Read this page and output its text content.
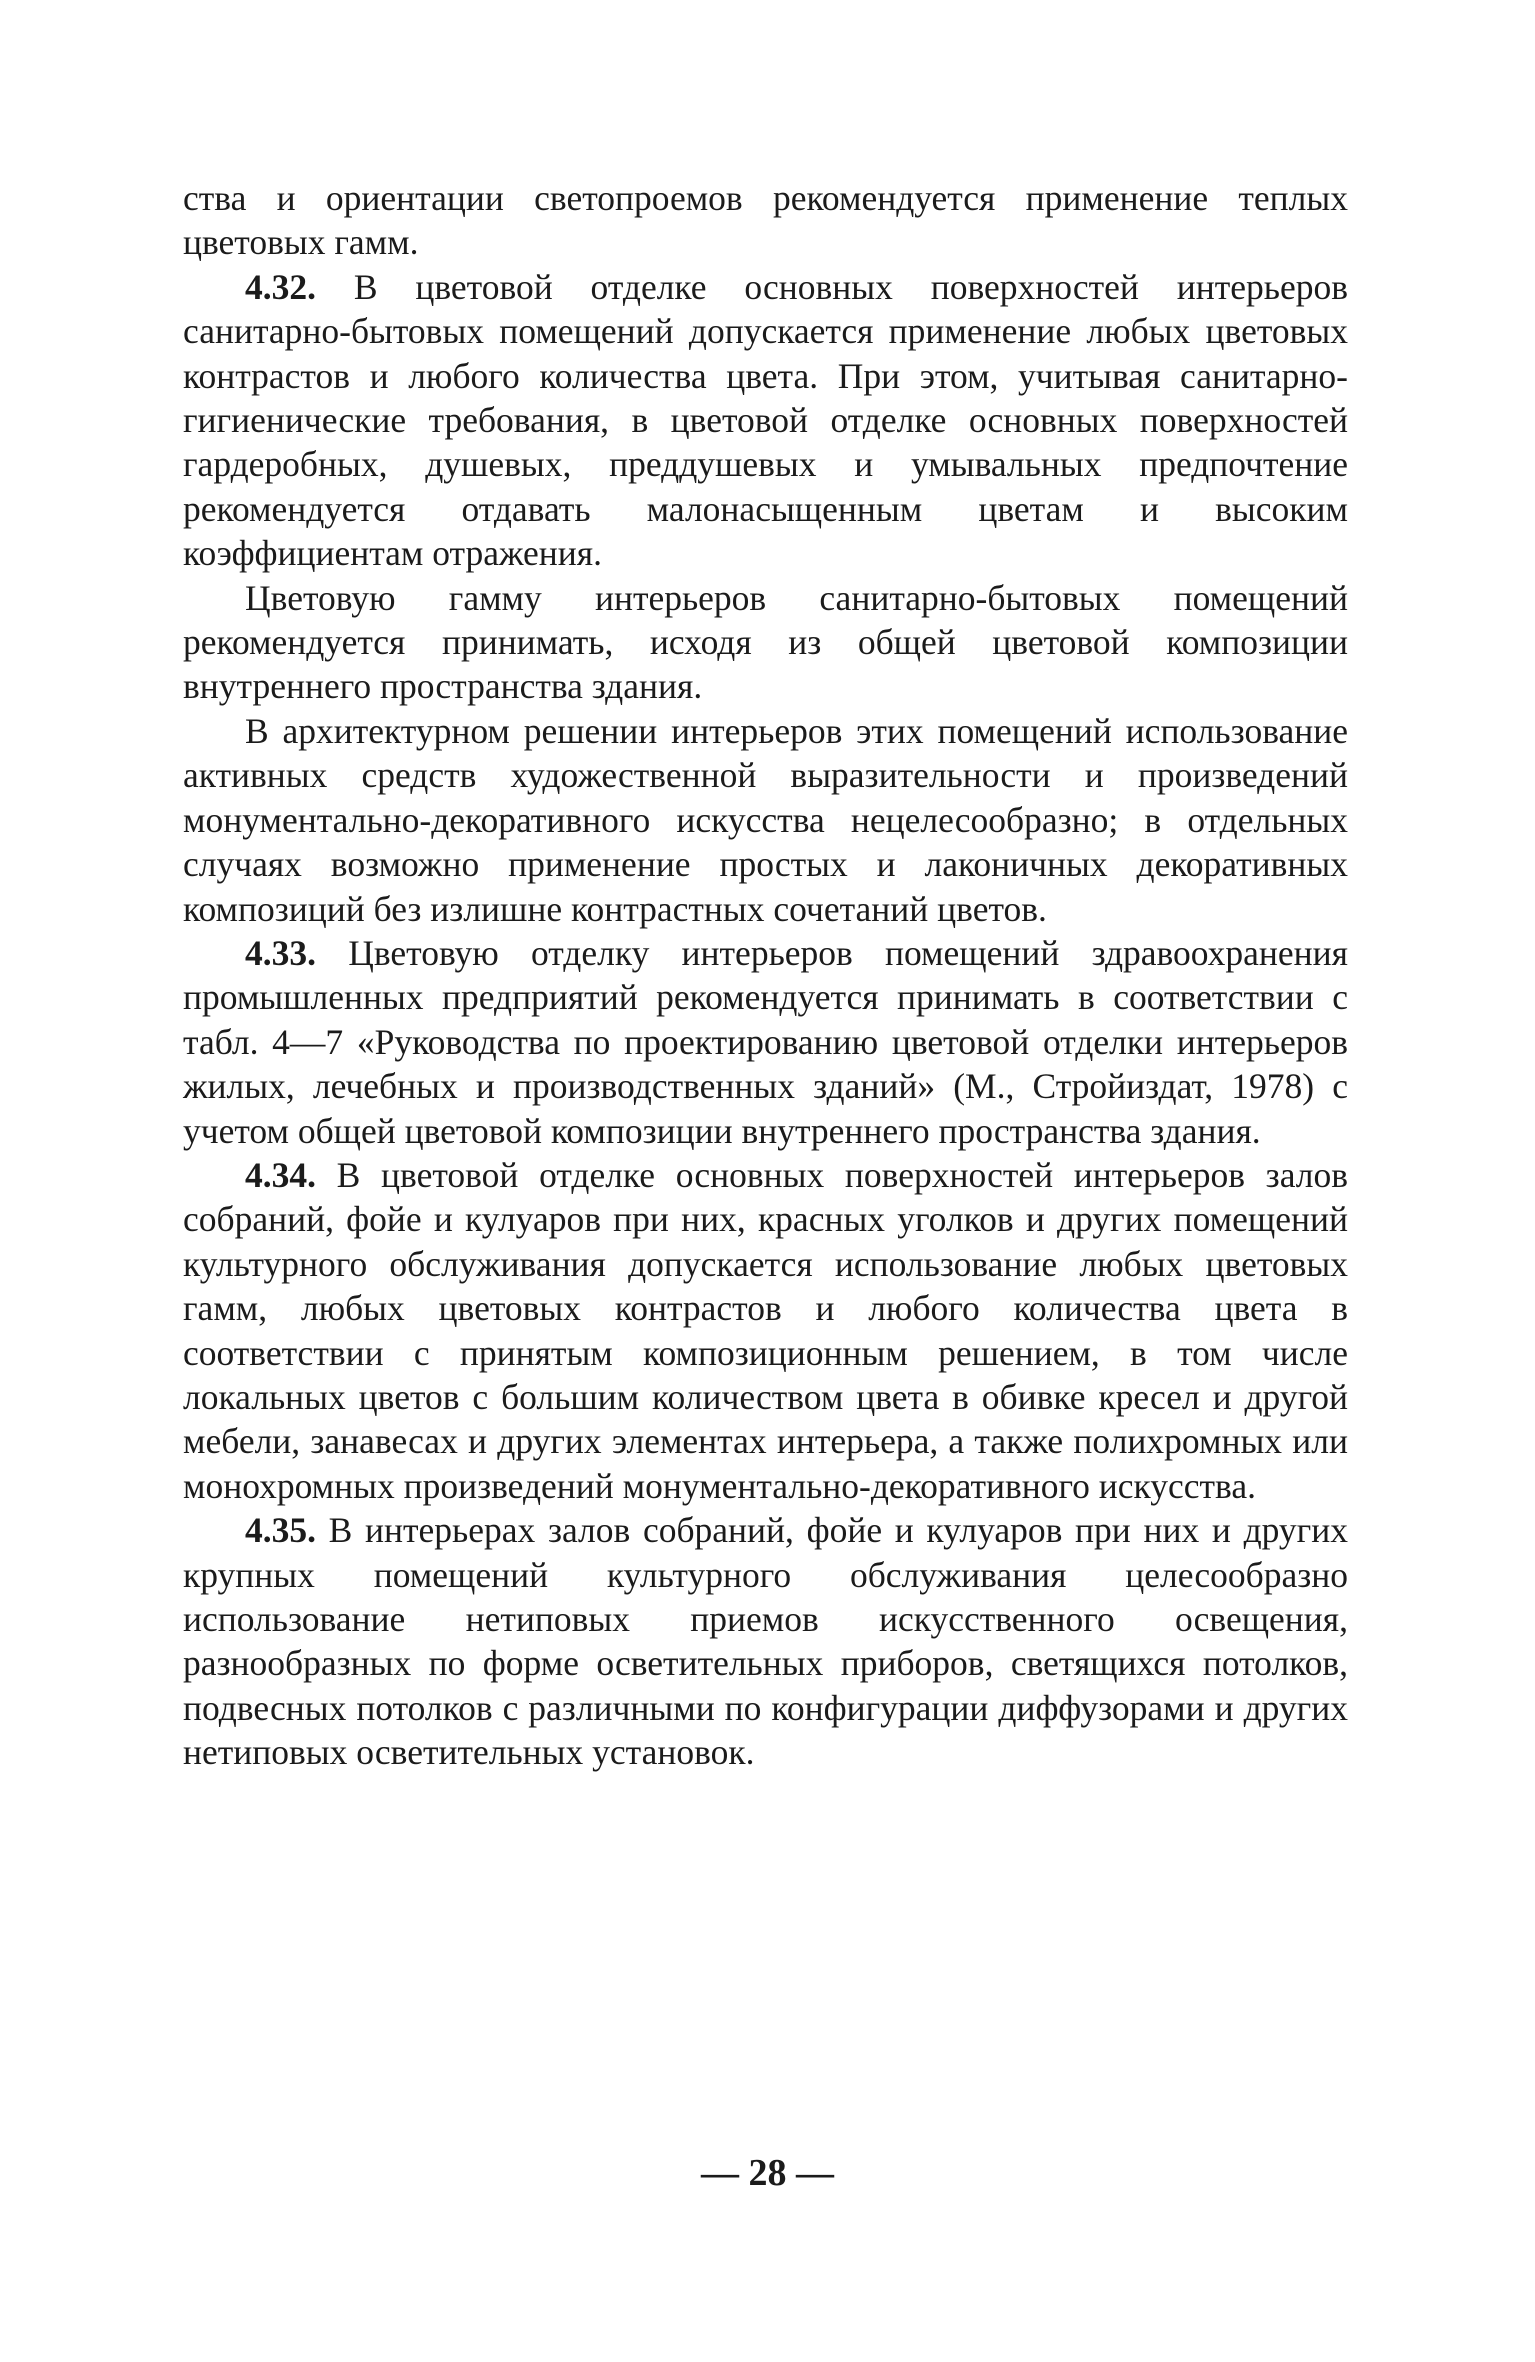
ства и ориентации светопроемов рекомендуется применение теплых цветовых гамм.

4.32. В цветовой отделке основных поверхностей интерьеров санитарно-бытовых помещений допускается применение любых цветовых контрастов и любого количества цвета. При этом, учитывая санитарно-гигиенические требования, в цветовой отделке основных поверхностей гардеробных, душевых, преддушевых и умывальных предпочтение рекомендуется отдавать малонасыщенным цветам и высоким коэффициентам отражения.

Цветовую гамму интерьеров санитарно-бытовых помещений рекомендуется принимать, исходя из общей цветовой композиции внутреннего пространства здания.

В архитектурном решении интерьеров этих помещений использование активных средств художественной выразительности и произведений монументально-декоративного искусства нецелесообразно; в отдельных случаях возможно применение простых и лаконичных декоративных композиций без излишне контрастных сочетаний цветов.

4.33. Цветовую отделку интерьеров помещений здравоохранения промышленных предприятий рекомендуется принимать в соответствии с табл. 4—7 «Руководства по проектированию цветовой отделки интерьеров жилых, лечебных и производственных зданий» (М., Стройиздат, 1978) с учетом общей цветовой композиции внутреннего пространства здания.

4.34. В цветовой отделке основных поверхностей интерьеров залов собраний, фойе и кулуаров при них, красных уголков и других помещений культурного обслуживания допускается использование любых цветовых гамм, любых цветовых контрастов и любого количества цвета в соответствии с принятым композиционным решением, в том числе локальных цветов с большим количеством цвета в обивке кресел и другой мебели, занавесах и других элементах интерьера, а также полихромных или монохромных произведений монументально-декоративного искусства.

4.35. В интерьерах залов собраний, фойе и кулуаров при них и других крупных помещений культурного обслуживания целесообразно использование нетиповых приемов искусственного освещения, разнообразных по форме осветительных приборов, светящихся потолков, подвесных потолков с различными по конфигурации диффузорами и других нетиповых осветительных установок.

— 28 —
